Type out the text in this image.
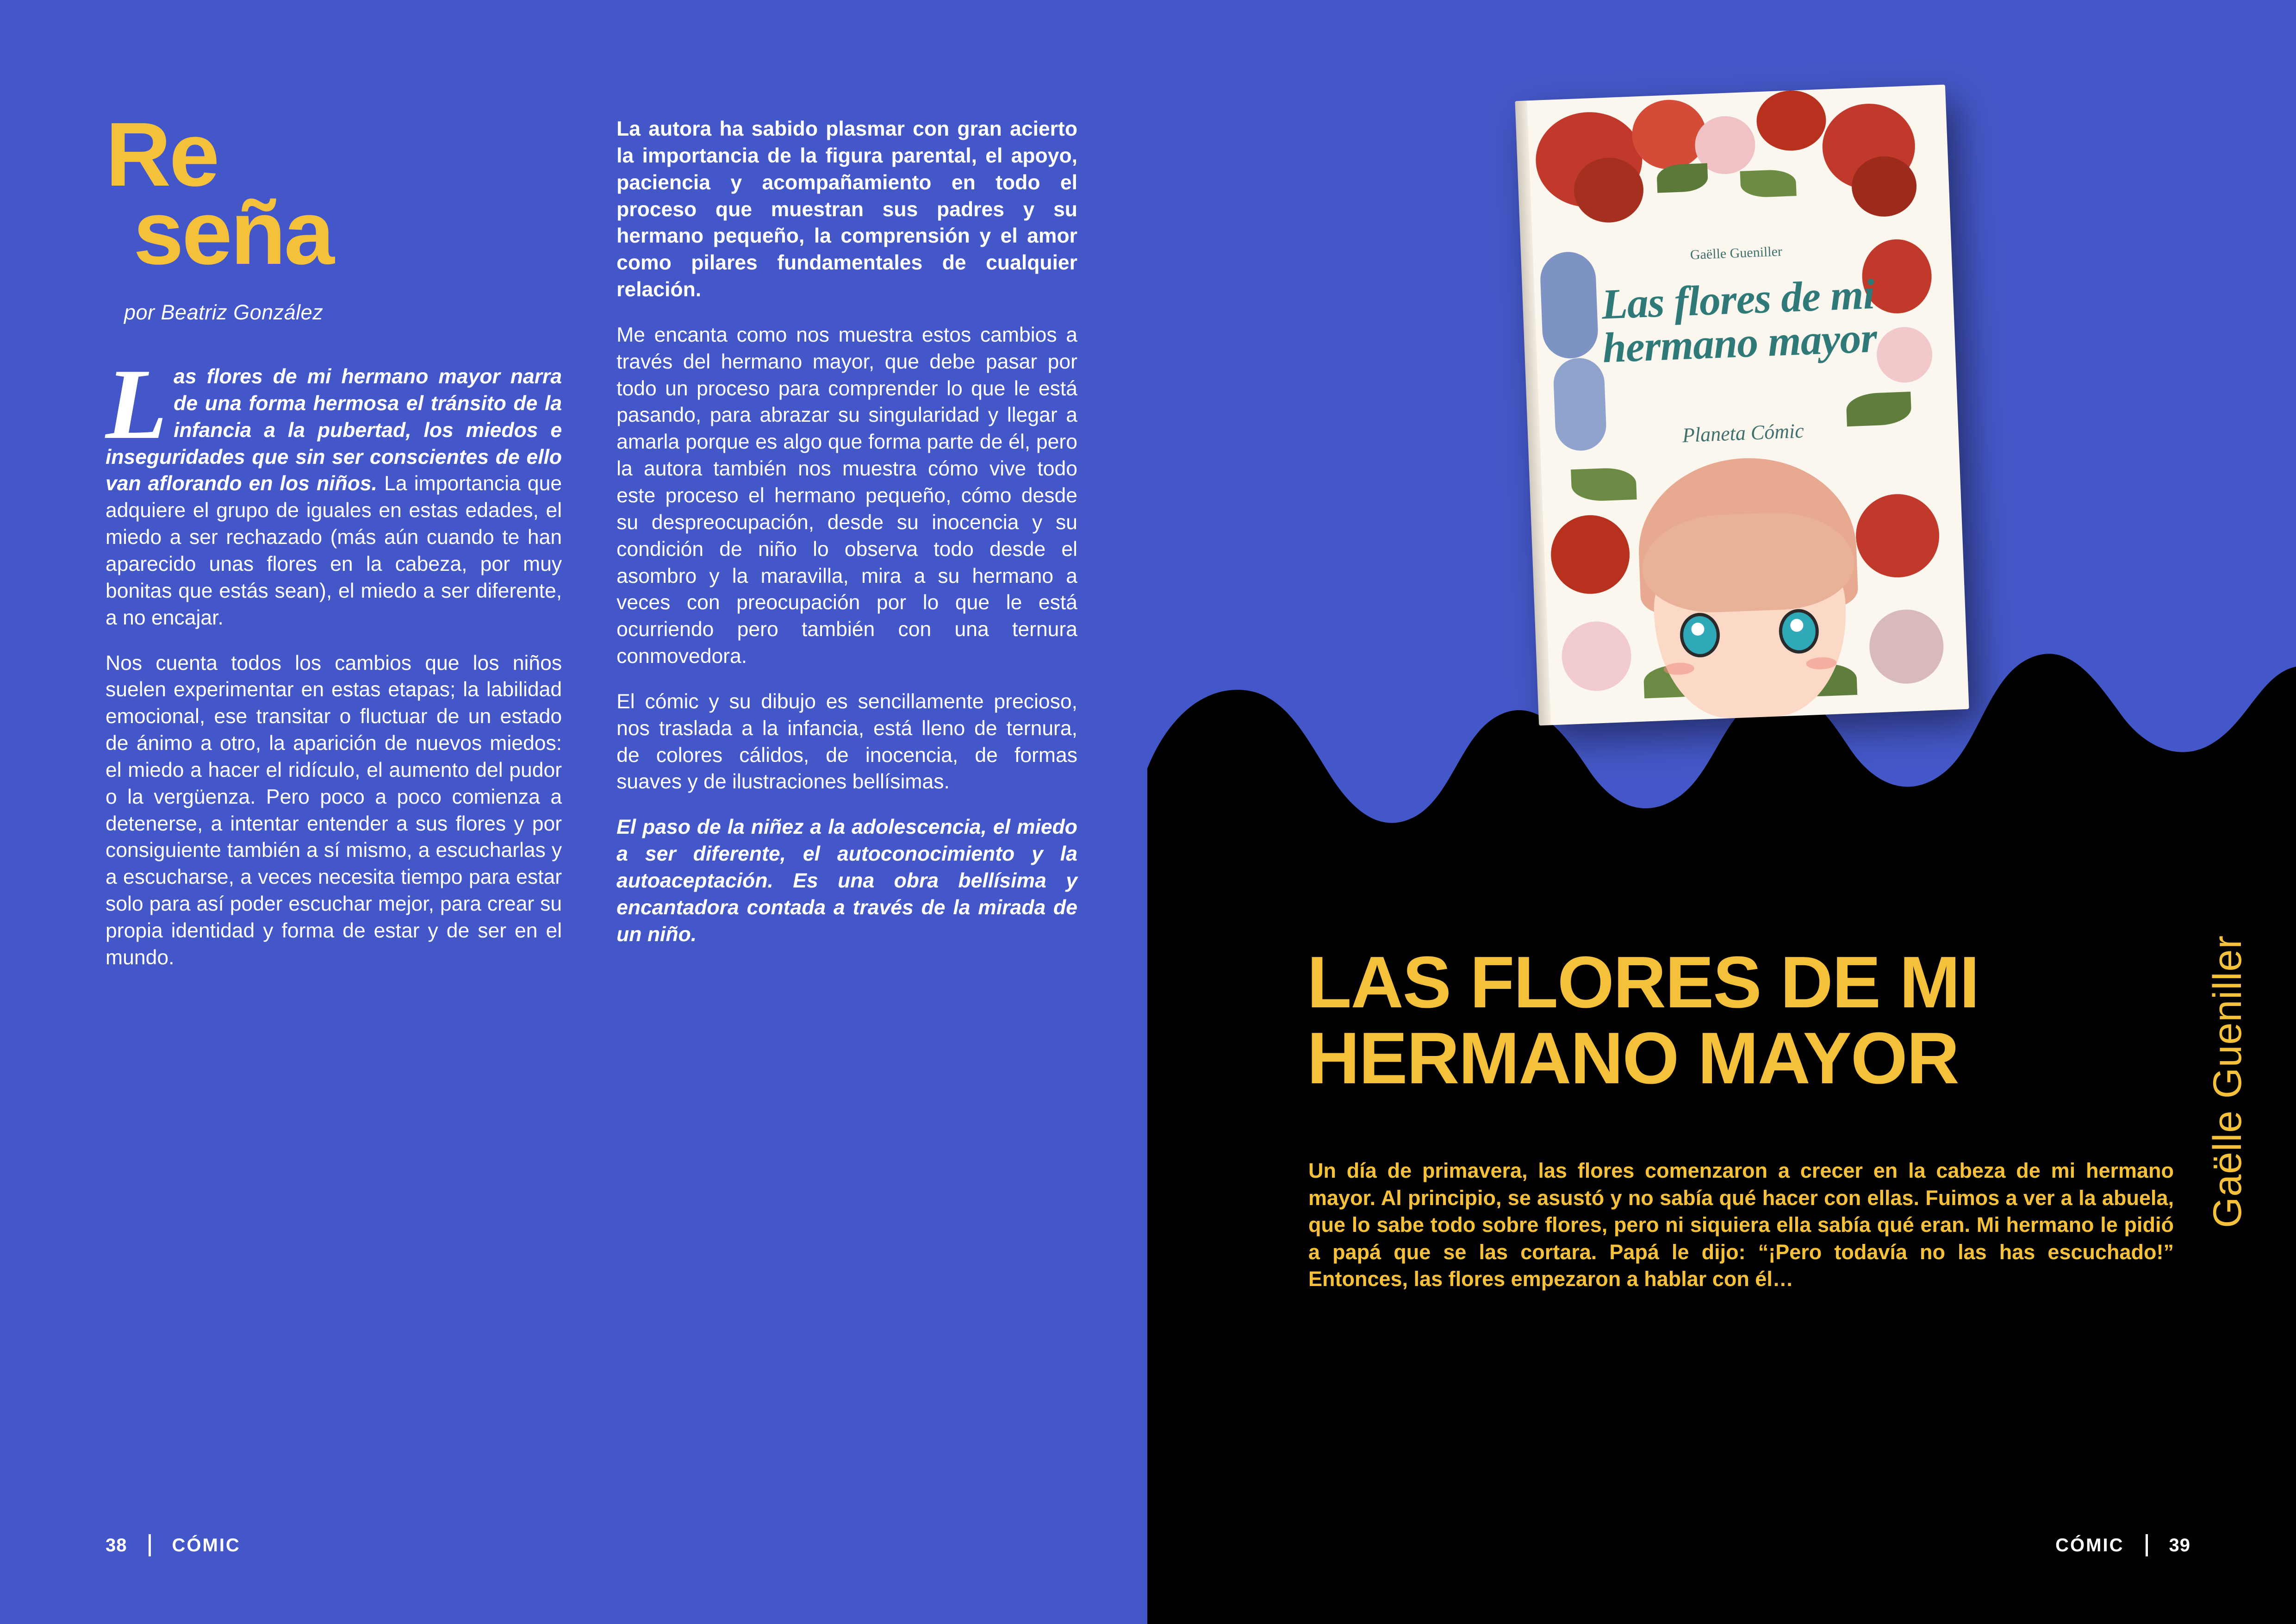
Re
seña
por Beatriz González

Las flores de mi hermano mayor narra de una forma hermosa el tránsito de la infancia a la pubertad, los miedos e inseguridades que sin ser conscientes de ello van aflorando en los niños. La importancia que adquiere el grupo de iguales en estas edades, el miedo a ser rechazado (más aún cuando te han aparecido unas flores en la cabeza, por muy bonitas que estás sean), el miedo a ser diferente, a no encajar.

Nos cuenta todos los cambios que los niños suelen experimentar en estas etapas; la labilidad emocional, ese transitar o fluctuar de un estado de ánimo a otro, la aparición de nuevos miedos: el miedo a hacer el ridículo, el aumento del pudor o la vergüenza. Pero poco a poco comienza a detenerse, a intentar entender a sus flores y por consiguiente también a sí mismo, a escucharlas y a escucharse, a veces necesita tiempo para estar solo para así poder escuchar mejor, para crear su propia identidad y forma de estar y de ser en el mundo.

La autora ha sabido plasmar con gran acierto la importancia de la figura parental, el apoyo, paciencia y acompañamiento en todo el proceso que muestran sus padres y su hermano pequeño, la comprensión y el amor como pilares fundamentales de cualquier relación.

Me encanta como nos muestra estos cambios a través del hermano mayor, que debe pasar por todo un proceso para comprender lo que le está pasando, para abrazar su singularidad y llegar a amarla porque es algo que forma parte de él, pero la autora también nos muestra cómo vive todo este proceso el hermano pequeño, cómo desde su despreocupación, desde su inocencia y su condición de niño lo observa todo desde el asombro y la maravilla, mira a su hermano a veces con preocupación por lo que le está ocurriendo pero también con una ternura conmovedora.

El cómic y su dibujo es sencillamente precioso, nos traslada a la infancia, está lleno de ternura, de colores cálidos, de inocencia, de formas suaves y de ilustraciones bellísimas.

El paso de la niñez a la adolescencia, el miedo a ser diferente, el autoconocimiento y la autoaceptación. Es una obra bellísima y encantadora contada a través de la mirada de un niño.

38 CÓMIC
Gaëlle Gueniller
Las flores de mi hermano mayor
Planeta Cómic
LAS FLORES DE MI
HERMANO MAYOR

Un día de primavera, las flores comenzaron a crecer en la cabeza de mi hermano mayor. Al principio, se asustó y no sabía qué hacer con ellas. Fuimos a ver a la abuela, que lo sabe todo sobre flores, pero ni siquiera ella sabía qué eran. Mi hermano le pidió a papá que se las cortara. Papá le dijo: “¡Pero todavía no las has escuchado!” Entonces, las flores empezaron a hablar con él…

Gaëlle Gueniller
CÓMIC 39
